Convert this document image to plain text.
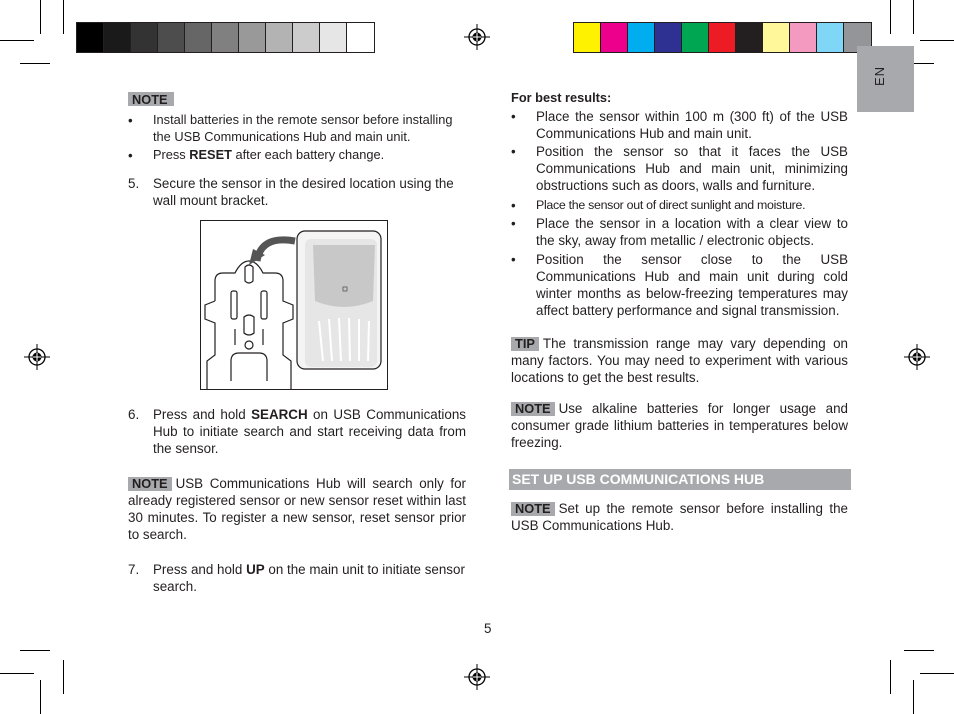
EN
NOTE
• Install batteries in the remote sensor before installing the USB Communications Hub and main unit.
• Press RESET after each battery change.
5. Secure the sensor in the desired location using the wall mount bracket.
6. Press and hold SEARCH on USB Communications Hub to initiate search and start receiving data from the sensor.
NOTE USB Communications Hub will search only for already registered sensor or new sensor reset within last 30 minutes. To register a new sensor, reset sensor prior to search.
7. Press and hold UP on the main unit to initiate sensor search.
For best results:
• Place the sensor within 100 m (300 ft) of the USB Communications Hub and main unit.
• Position the sensor so that it faces the USB Communications Hub and main unit, minimizing obstructions such as doors, walls and furniture.
• Place the sensor out of direct sunlight and moisture.
• Place the sensor in a location with a clear view to the sky, away from metallic / electronic objects.
• Position the sensor close to the USB Communications Hub and main unit during cold winter months as below-freezing temperatures may affect battery performance and signal transmission.
TIP The transmission range may vary depending on many factors. You may need to experiment with various locations to get the best results.
NOTE Use alkaline batteries for longer usage and consumer grade lithium batteries in temperatures below freezing.
SET UP USB COMMUNICATIONS HUB
NOTE Set up the remote sensor before installing the USB Communications Hub.
5
